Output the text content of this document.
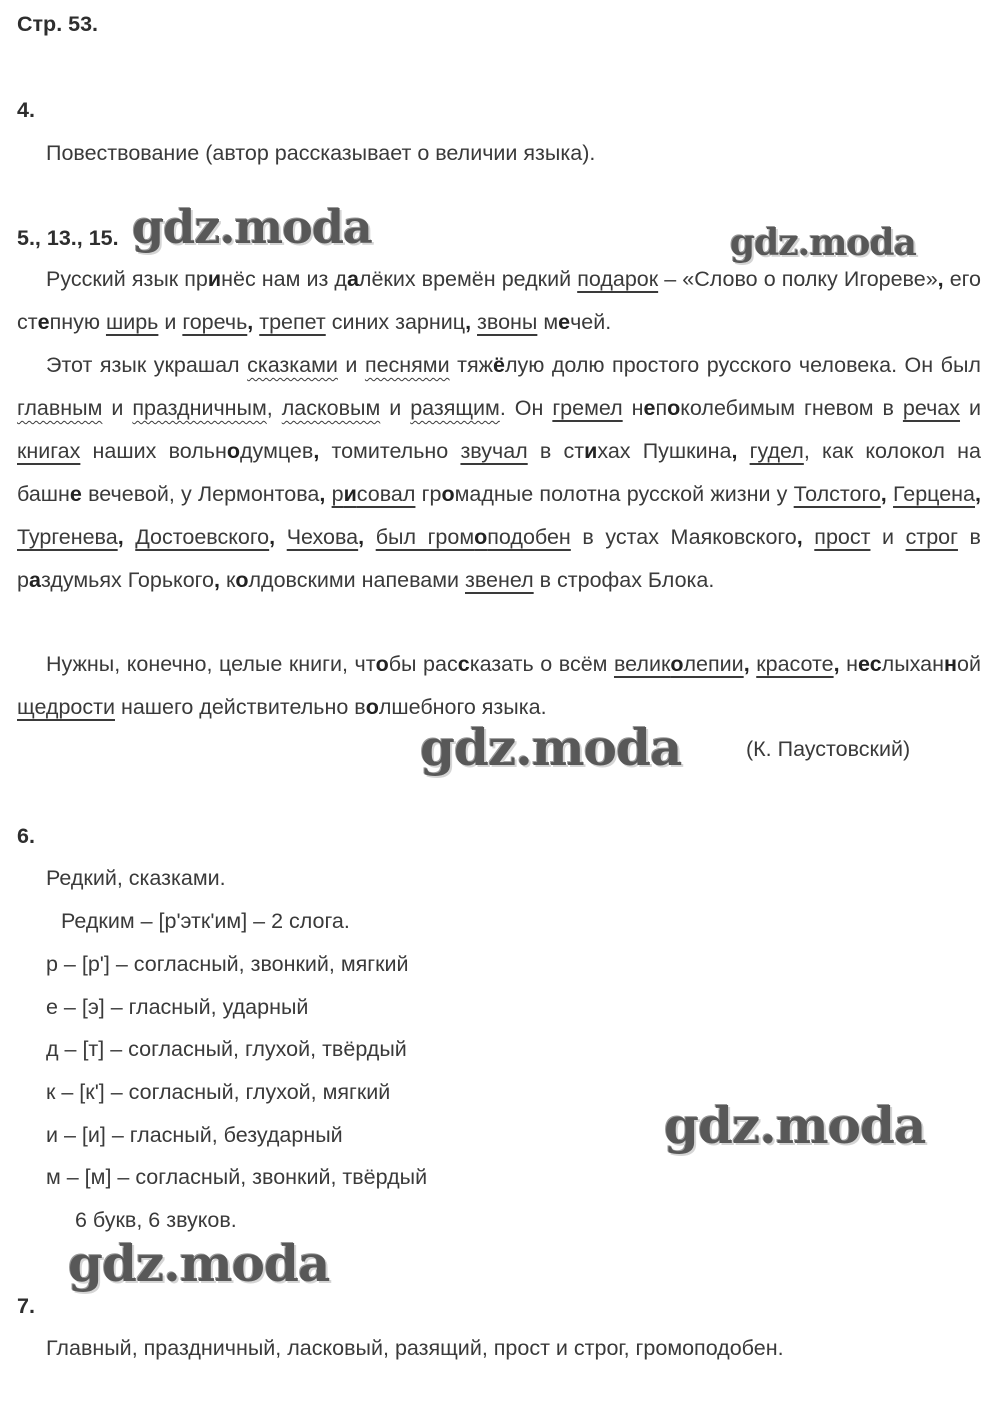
Стр. 53.
4.
Повествование (автор рассказывает о величии языка).
5., 13., 15.
Русский язык принёс нам из далёких времён редкий подарок – «Слово о полку Игореве», его степную ширь и горечь, трепет синих зарниц, звоны мечей.
Этот язык украшал сказками и песнями тяжёлую долю простого русского человека. Он был главным и праздничным, ласковым и разящим. Он гремел непоколебимым гневом в речах и книгах наших вольнодумцев, томительно звучал в стихах Пушкина, гудел, как колокол на башне вечевой, у Лермонтова, рисовал громадные полотна русской жизни у Толстого, Герцена, Тургенева, Достоевского, Чехова, был громоподобен в устах Маяковского, прост и строг в раздумьях Горького, колдовскими напевами звенел в строфах Блока.
Нужны, конечно, целые книги, чтобы рассказать о всём великолепии, красоте, неслыханной щедрости нашего действительно волшебного языка.
(К. Паустовский)
6.
Редкий, сказками.
Редким – [р'этк'им] – 2 слога.
р – [р'] – согласный, звонкий, мягкий
е – [э] – гласный, ударный
д – [т] – согласный, глухой, твёрдый
к – [к'] – согласный, глухой, мягкий
и – [и] – гласный, безударный
м – [м] – согласный, звонкий, твёрдый
6 букв, 6 звуков.
7.
Главный, праздничный, ласковый, разящий, прост и строг, громоподобен.
gdz.moda	gdz.moda
gdz.moda
gdz.moda
gdz.moda
